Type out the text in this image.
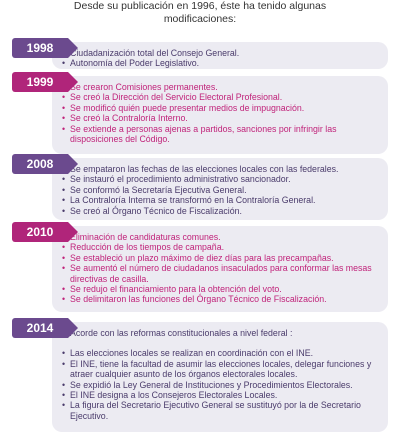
Desde su publicación en 1996, éste ha tenido algunas
modificaciones:
Ciudadanización total del Consejo General.
• Autonomía del Poder Legislativo.
1998
Se crearon Comisiones permanentes.
• Se creó la Dirección del Servicio Electoral Profesional.
• Se modificó quién puede presentar medios de impugnación.
• Se creó la Contraloría Interno.
• Se extiende a personas ajenas a partidos, sanciones por infringir las disposiciones del Código.
1999
Se empataron las fechas de las elecciones locales con las federales.
• Se instauró el procedimiento administrativo sancionador.
• Se conformó la Secretaría Ejecutiva General.
• La Contraloría Interna se transformó en la Contraloría General.
• Se creó al Órgano Técnico de Fiscalización.
2008
Eliminación de candidaturas comunes.
• Reducción de los tiempos de campaña.
• Se estableció un plazo máximo de diez días para las precampañas.
• Se aumentó el número de ciudadanos insaculados para conformar las mesas directivas de casilla.
• Se redujo el financiamiento para la obtención del voto.
• Se delimitaron las funciones del Órgano Técnico de Fiscalización.
2010
Acorde con las reformas constitucionales a nivel federal :
• Las elecciones locales se realizan en coordinación con el INE.
• El INE, tiene la facultad de asumir las elecciones locales, delegar funciones y atraer cualquier asunto de los órganos electorales locales.
• Se expidió la Ley General de Instituciones y Procedimientos Electorales.
• El INE designa a los Consejeros Electorales Locales.
• La figura del Secretario Ejecutivo General se sustituyó por la de Secretario Ejecutivo.
2014
